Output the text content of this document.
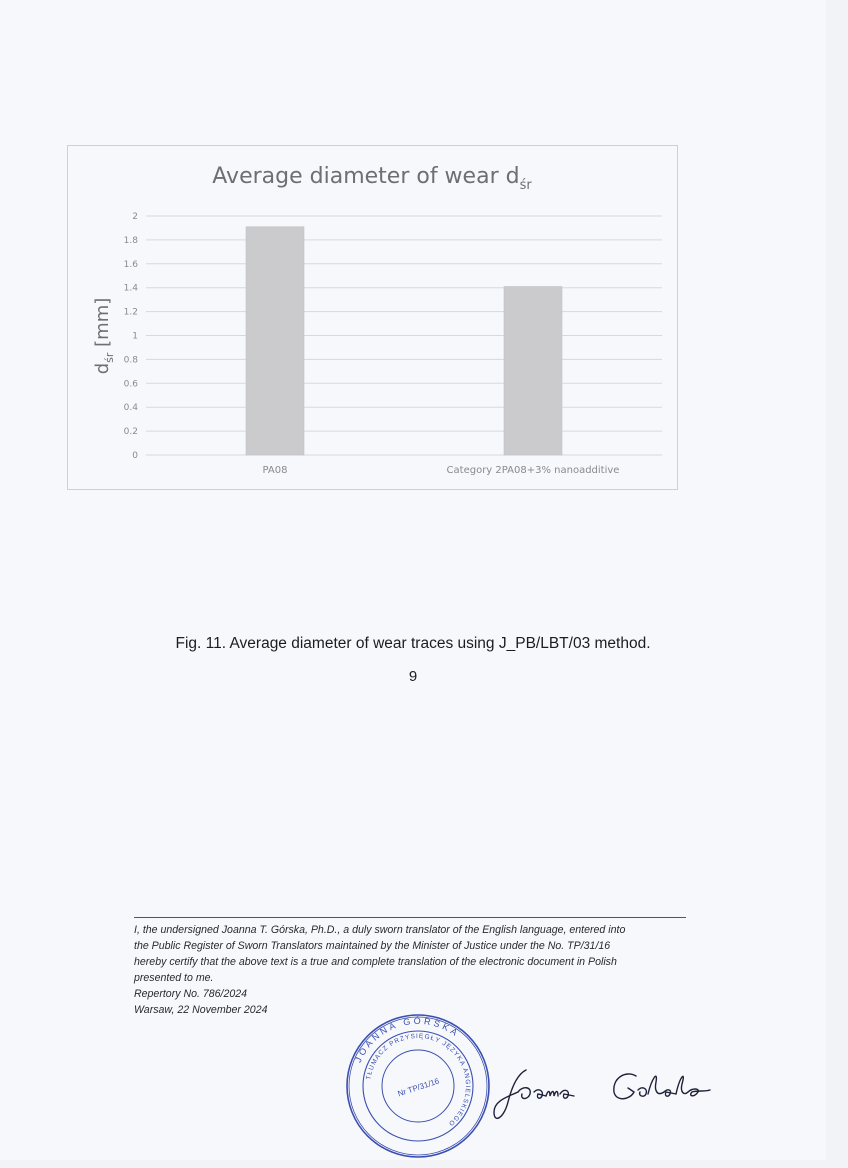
Average diameter of wear $d_{śr}$
$d_{śr}$ [mm]
0
0.2
0.4
0.6
0.8
1
1.2
1.4
1.6
1.8
2
PA08	Category 2PA08+3% nanoadditive
Fig. 11. Average diameter of wear traces using J_PB/LBT/03 method.
9
I, the undersigned Joanna T. Górska, Ph.D., a duly sworn translator of the English language, entered into
the Public Register of Sworn Translators maintained by the Minister of Justice under the No. TP/31/16
hereby certify that the above text is a true and complete translation of the electronic document in Polish
presented to me.
Repertory No. 786/2024
Warsaw, 22 November 2024
JOANNA GÓRSKA
TŁUMACZ PRZYSIĘGŁY JĘZYKA ANGIELSKIEGO
Nr TP/31/16
